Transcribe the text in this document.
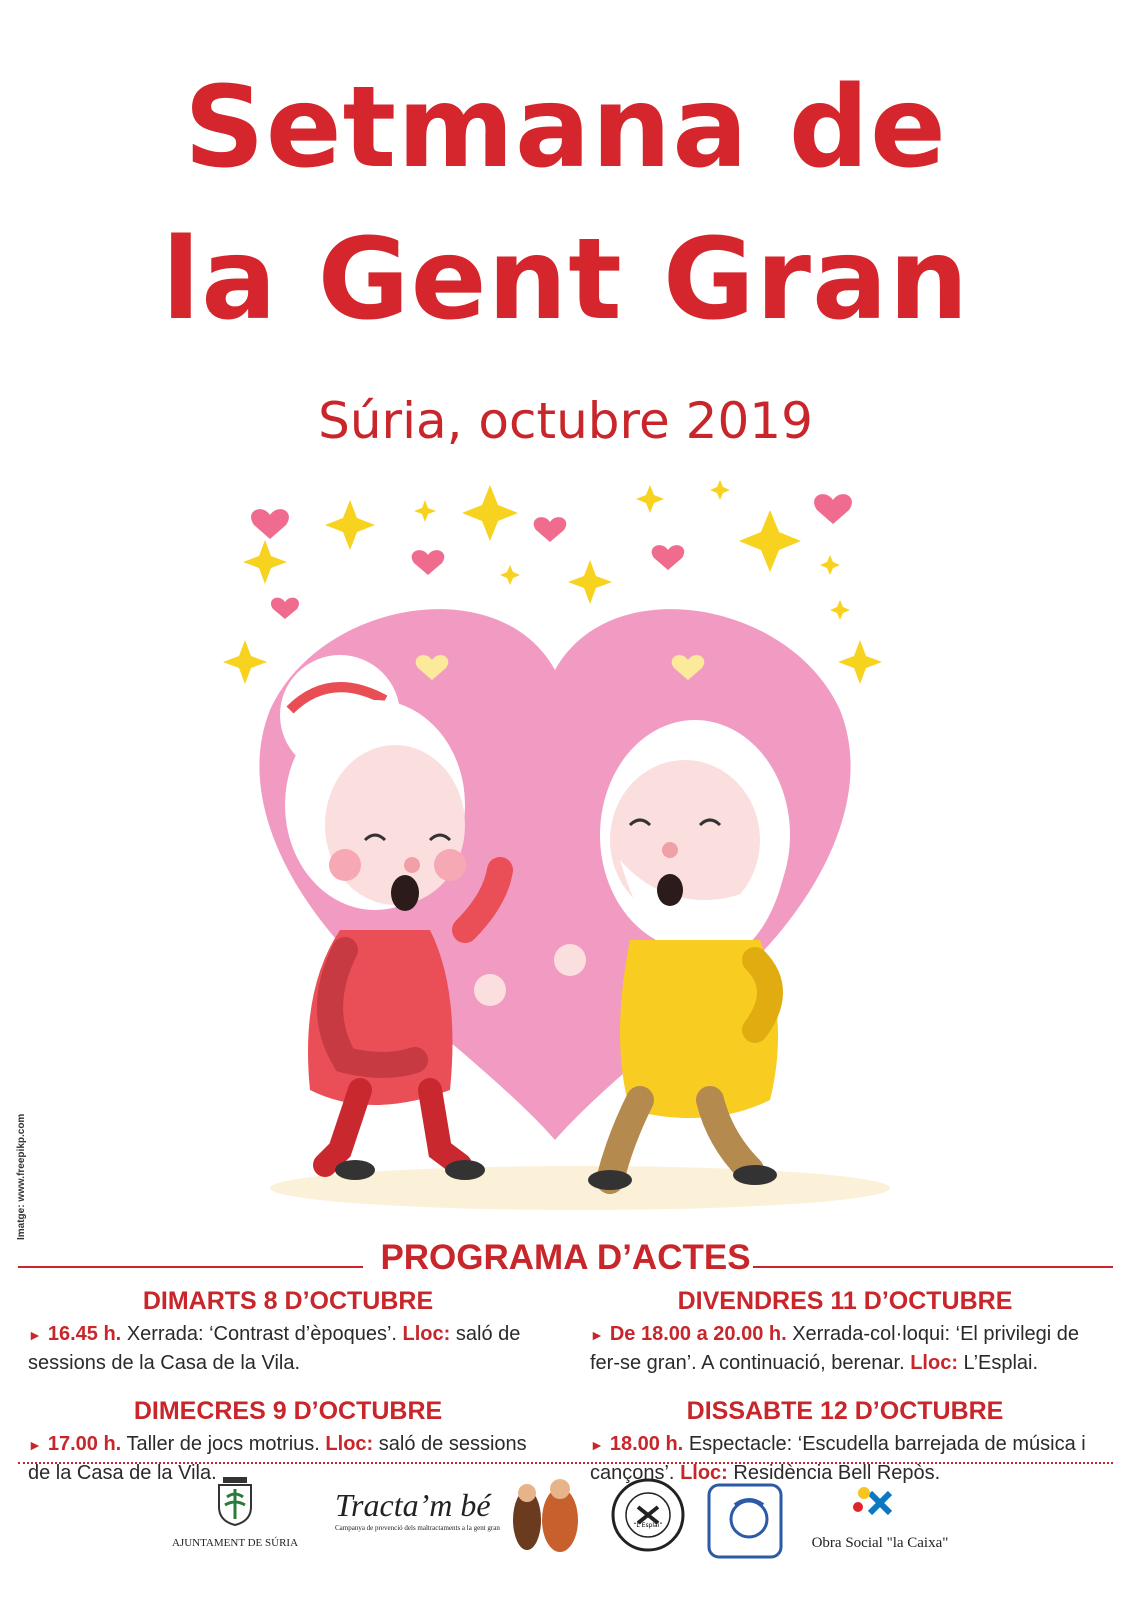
Setmana de
la Gent Gran
Súria, octubre 2019
Imatge: www.freepikp.com
PROGRAMA D’ACTES
DIMARTS 8 D’OCTUBRE
► 16.45 h. Xerrada: ‘Contrast d’èpoques’. Lloc: saló de sessions de la Casa de la Vila.
DIMECRES 9 D’OCTUBRE
► 17.00 h. Taller de jocs motrius. Lloc: saló de sessions de la Casa de la Vila.
DIVENDRES 11 D’OCTUBRE
► De 18.00 a 20.00 h. Xerrada-col·loqui: ‘El privilegi de fer-se gran’. A continuació, berenar. Lloc: L’Esplai.
DISSABTE 12 D’OCTUBRE
► 18.00 h. Espectacle: ‘Escudella barrejada de música i cançons’. Lloc: Residència Bell Repòs.
AJUNTAMENT DE SÚRIA
Tracta’m bé
Campanya de prevenció dels maltractaments a la gent gran	“L’Esplai”
Obra Social "la Caixa"
